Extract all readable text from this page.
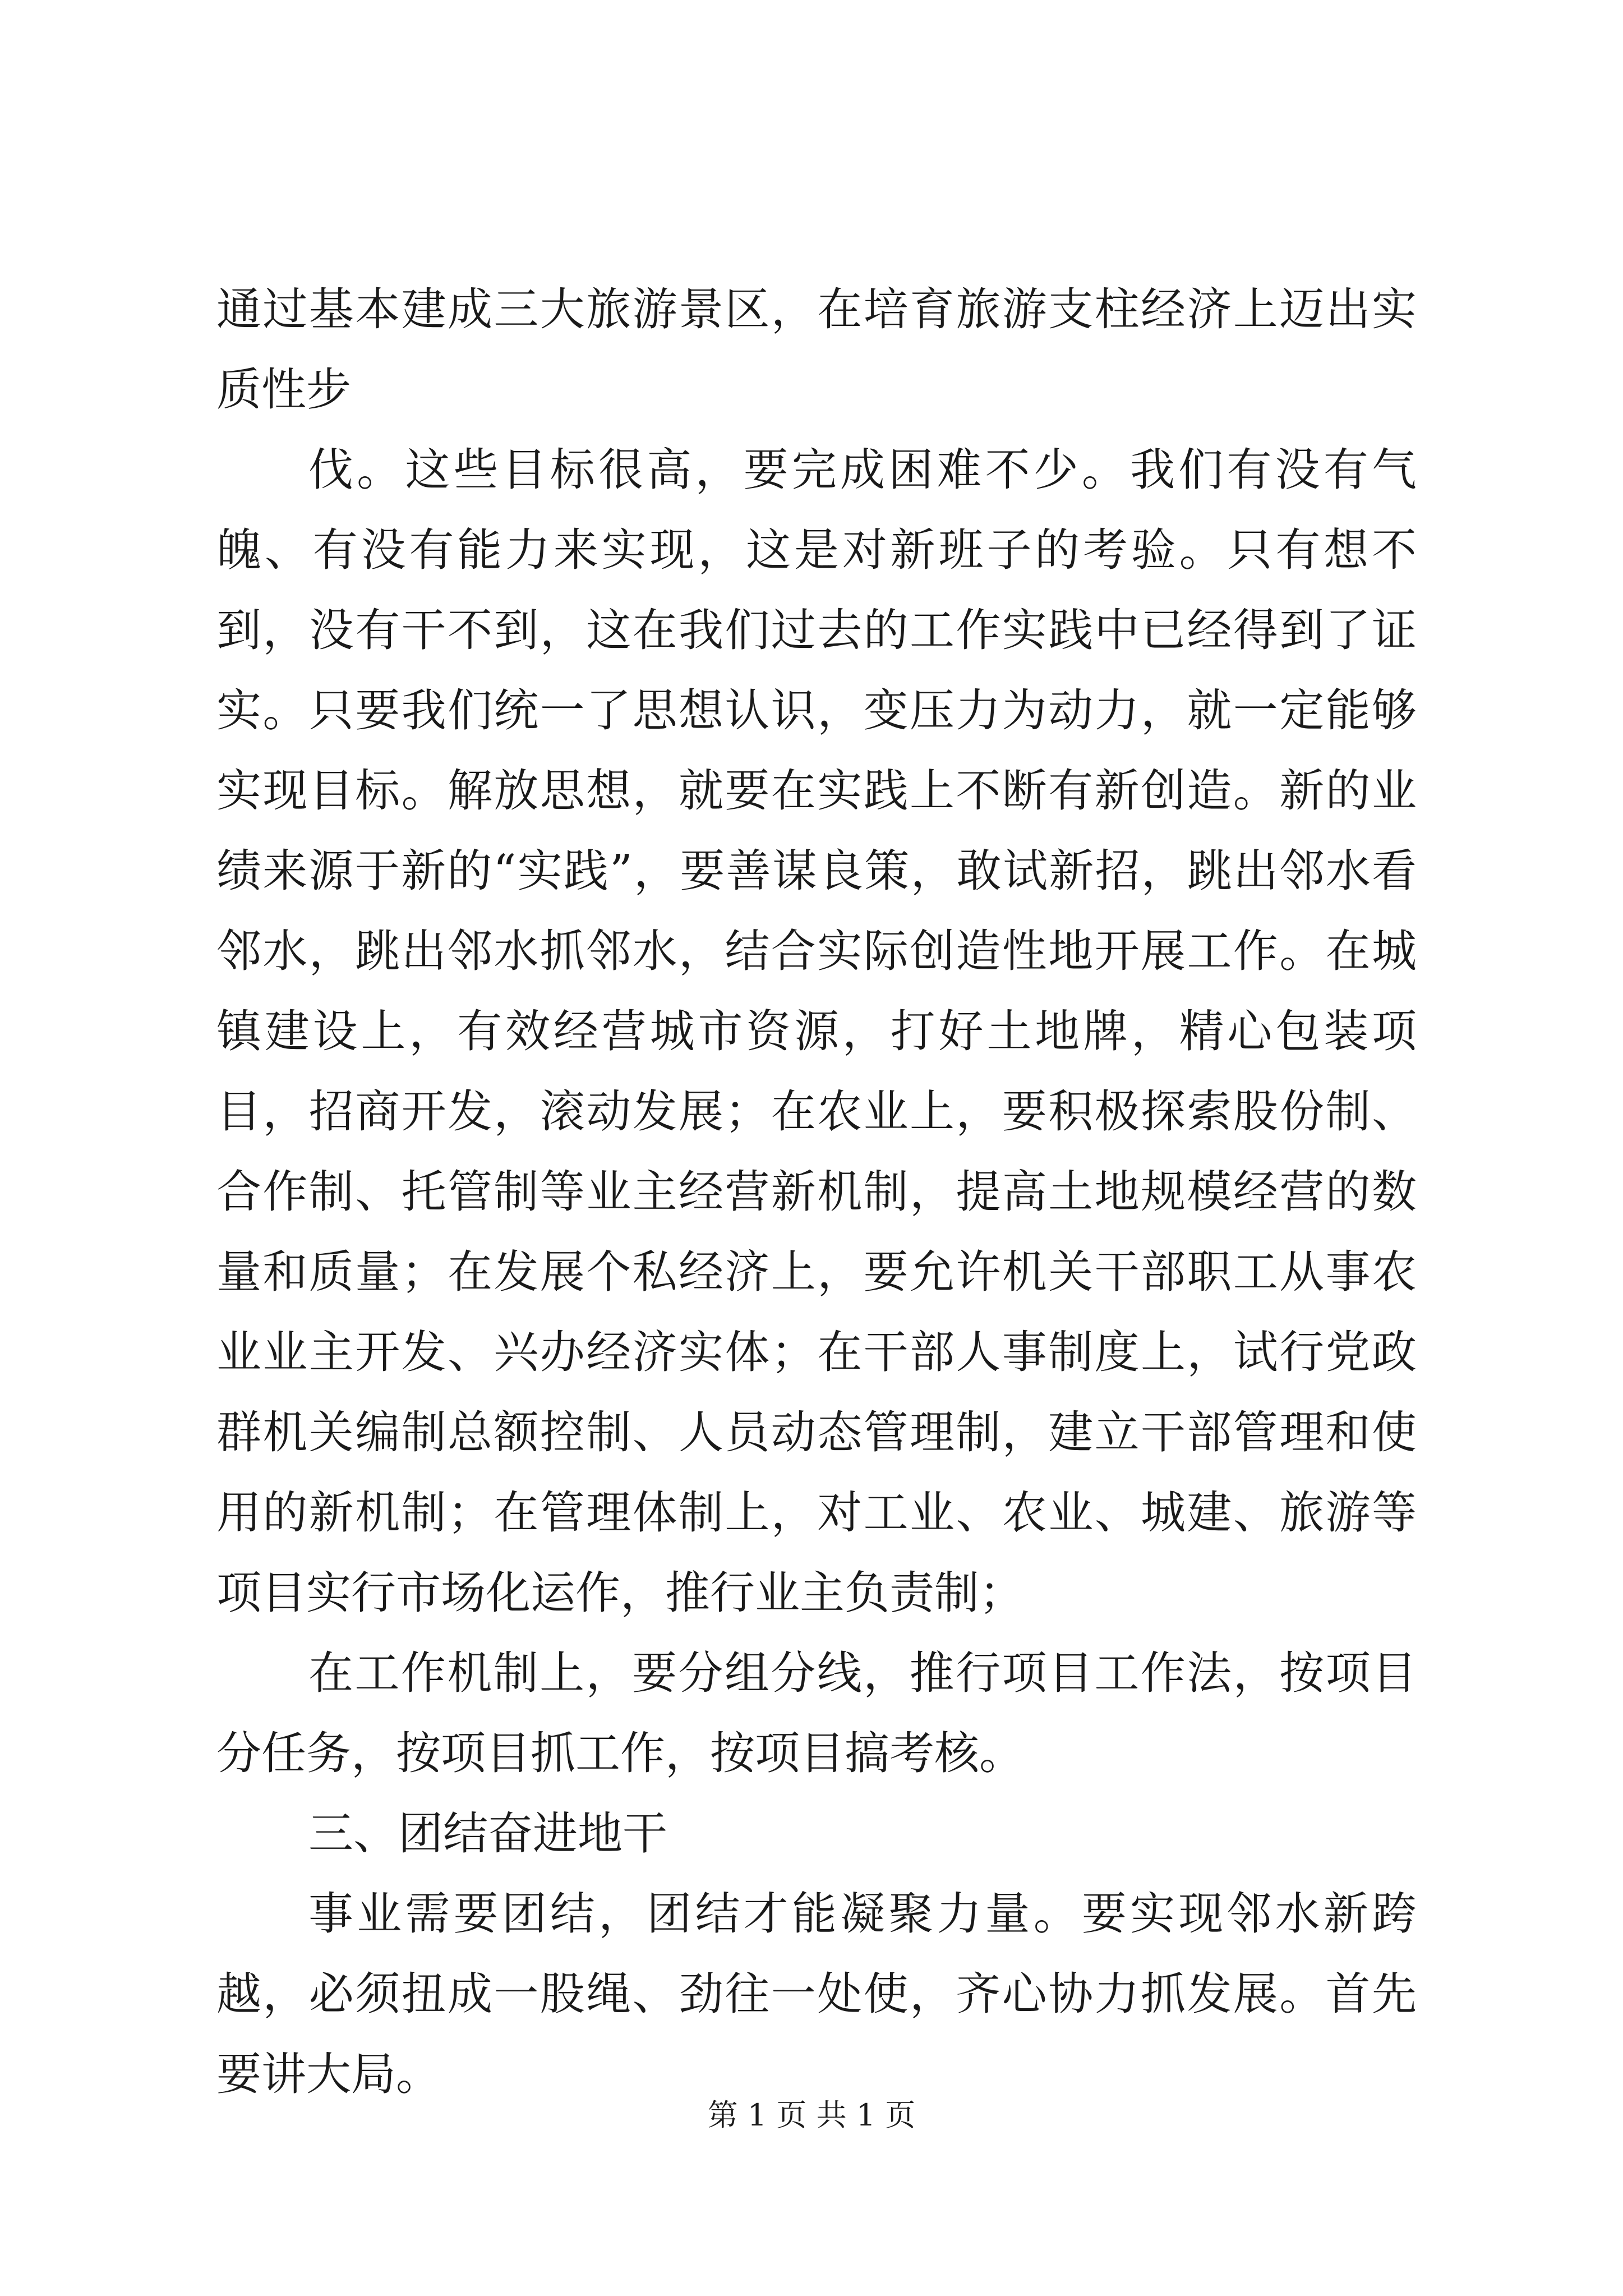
通过基本建成三大旅游景区，在培育旅游支柱经济上迈出实质性步

伐。这些目标很高，要完成困难不少。我们有没有气魄、有没有能力来实现，这是对新班子的考验。只有想不到，没有干不到，这在我们过去的工作实践中已经得到了证实。只要我们统一了思想认识，变压力为动力，就一定能够实现目标。解放思想，就要在实践上不断有新创造。新的业绩来源于新的“实践”，要善谋良策，敢试新招，跳出邻水看邻水，跳出邻水抓邻水，结合实际创造性地开展工作。在城镇建设上，有效经营城市资源，打好土地牌，精心包装项目，招商开发，滚动发展；在农业上，要积极探索股份制、合作制、托管制等业主经营新机制，提高土地规模经营的数量和质量；在发展个私经济上，要允许机关干部职工从事农业业主开发、兴办经济实体；在干部人事制度上，试行党政群机关编制总额控制、人员动态管理制，建立干部管理和使用的新机制；在管理体制上，对工业、农业、城建、旅游等项目实行市场化运作，推行业主负责制；

在工作机制上，要分组分线，推行项目工作法，按项目分任务，按项目抓工作，按项目搞考核。

三、团结奋进地干

事业需要团结，团结才能凝聚力量。要实现邻水新跨越，必须扭成一股绳、劲往一处使，齐心协力抓发展。首先要讲大局。

第 1 页 共 1 页
